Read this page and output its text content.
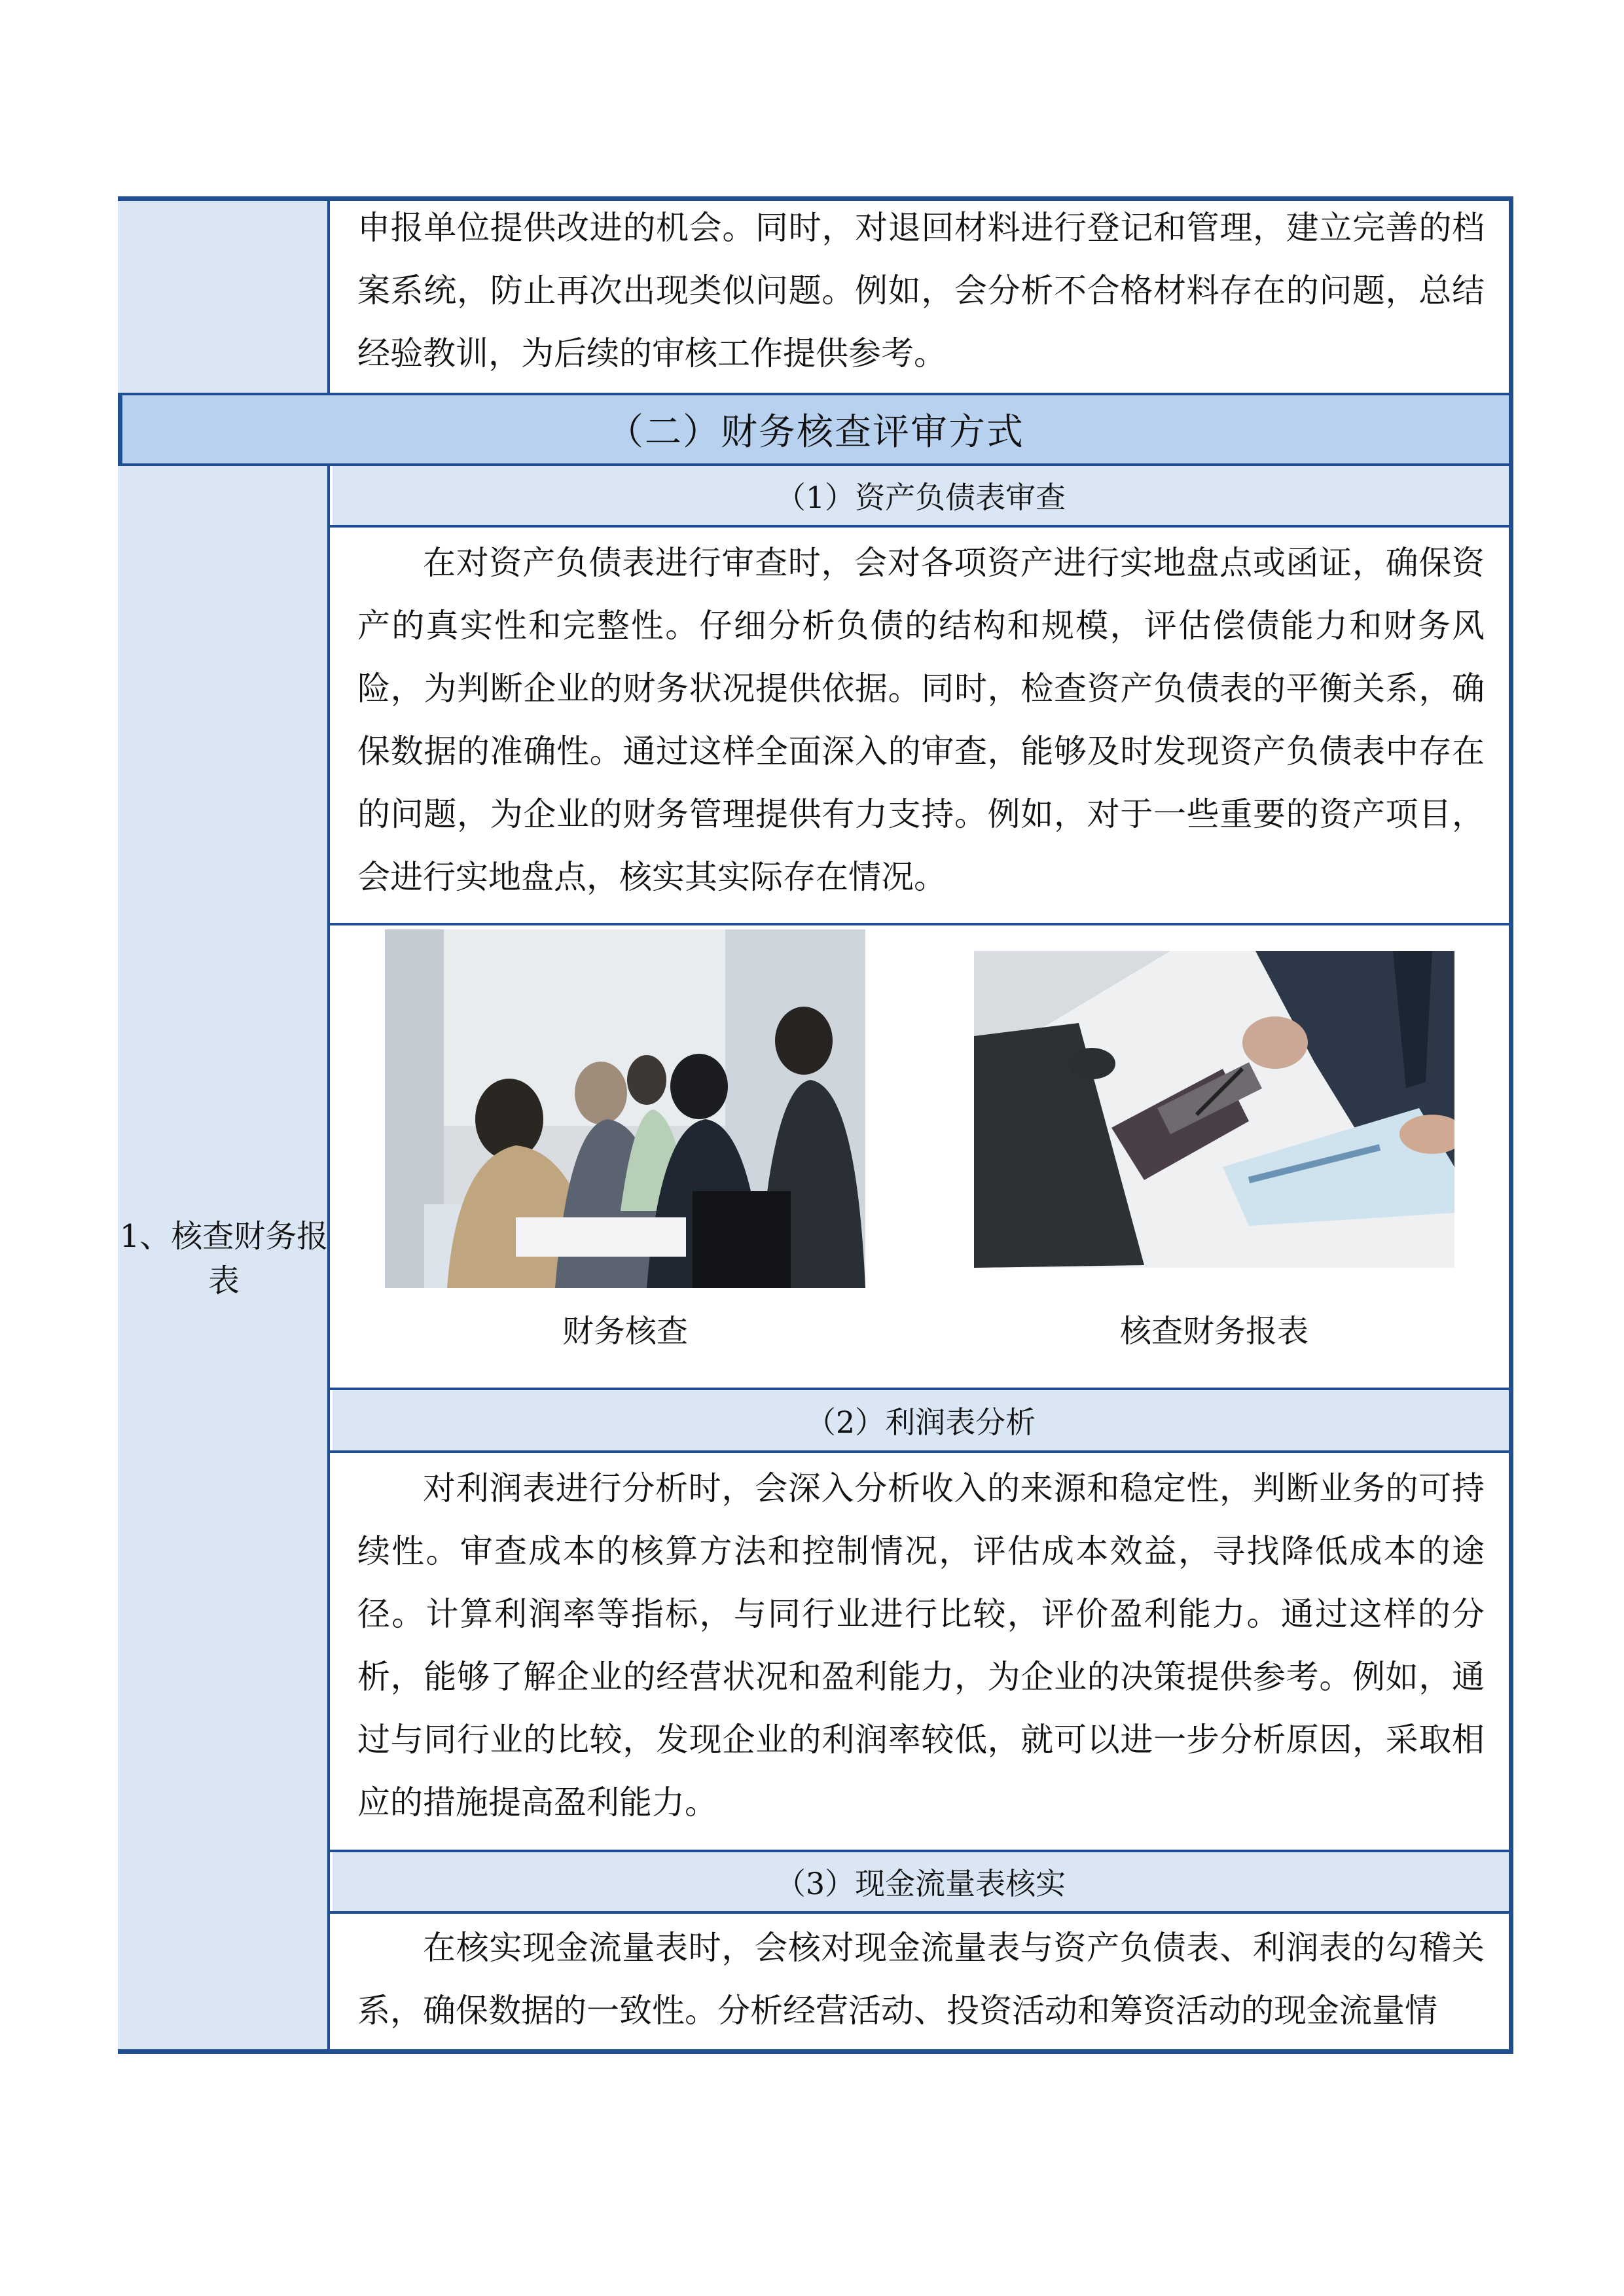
申报单位提供改进的机会。同时，对退回材料进行登记和管理，建立完善的档案系统，防止再次出现类似问题。例如，会分析不合格材料存在的问题，总结经验教训，为后续的审核工作提供参考。

（二）财务核查评审方式
1、核查财务报表
（1）资产负债表审查

在对资产负债表进行审查时，会对各项资产进行实地盘点或函证，确保资产的真实性和完整性。仔细分析负债的结构和规模，评估偿债能力和财务风险，为判断企业的财务状况提供依据。同时，检查资产负债表的平衡关系，确保数据的准确性。通过这样全面深入的审查，能够及时发现资产负债表中存在的问题，为企业的财务管理提供有力支持。例如，对于一些重要的资产项目，会进行实地盘点，核实其实际存在情况。

财务核查	核查财务报表
（2）利润表分析

对利润表进行分析时，会深入分析收入的来源和稳定性，判断业务的可持续性。审查成本的核算方法和控制情况，评估成本效益，寻找降低成本的途径。计算利润率等指标，与同行业进行比较，评价盈利能力。通过这样的分析，能够了解企业的经营状况和盈利能力，为企业的决策提供参考。例如，通过与同行业的比较，发现企业的利润率较低，就可以进一步分析原因，采取相应的措施提高盈利能力。

（3）现金流量表核实

在核实现金流量表时，会核对现金流量表与资产负债表、利润表的勾稽关系，确保数据的一致性。分析经营活动、投资活动和筹资活动的现金流量情
